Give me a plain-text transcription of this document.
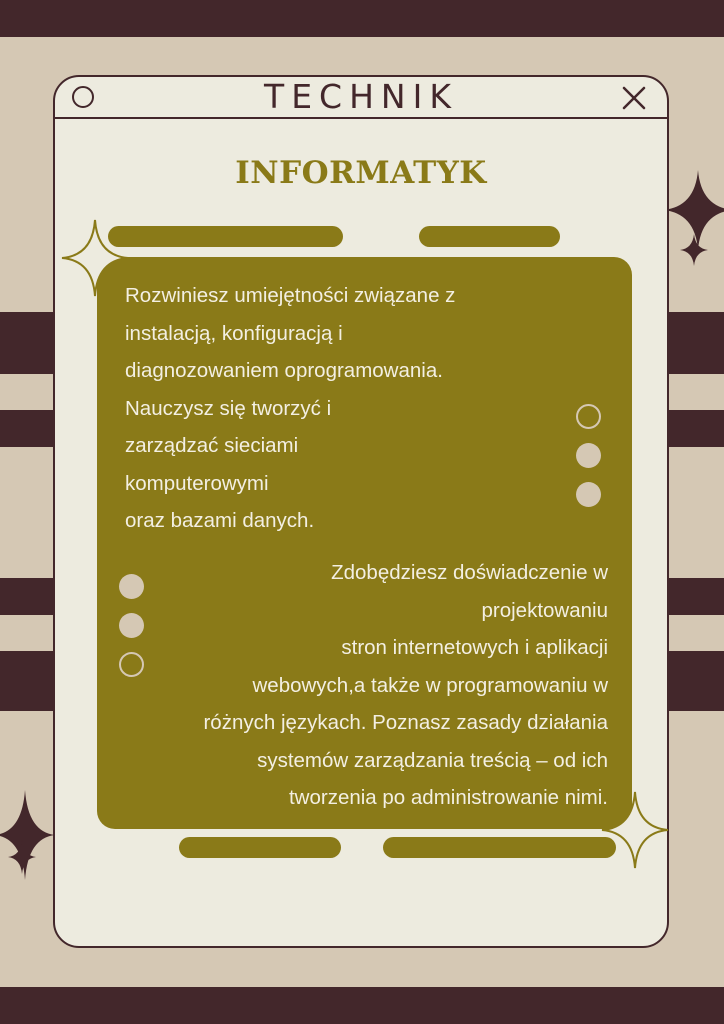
TECHNIK
INFORMATYK
Rozwiniesz umiejętności związane z
instalacją, konfiguracją i
diagnozowaniem oprogramowania.
Nauczysz się tworzyć i
zarządzać sieciami
komputerowymi
oraz bazami danych.
Zdobędziesz doświadczenie w
projektowaniu
stron internetowych i aplikacji
webowych,a także w programowaniu w
różnych językach. Poznasz zasady działania
systemów zarządzania treścią – od ich
tworzenia po administrowanie nimi.
